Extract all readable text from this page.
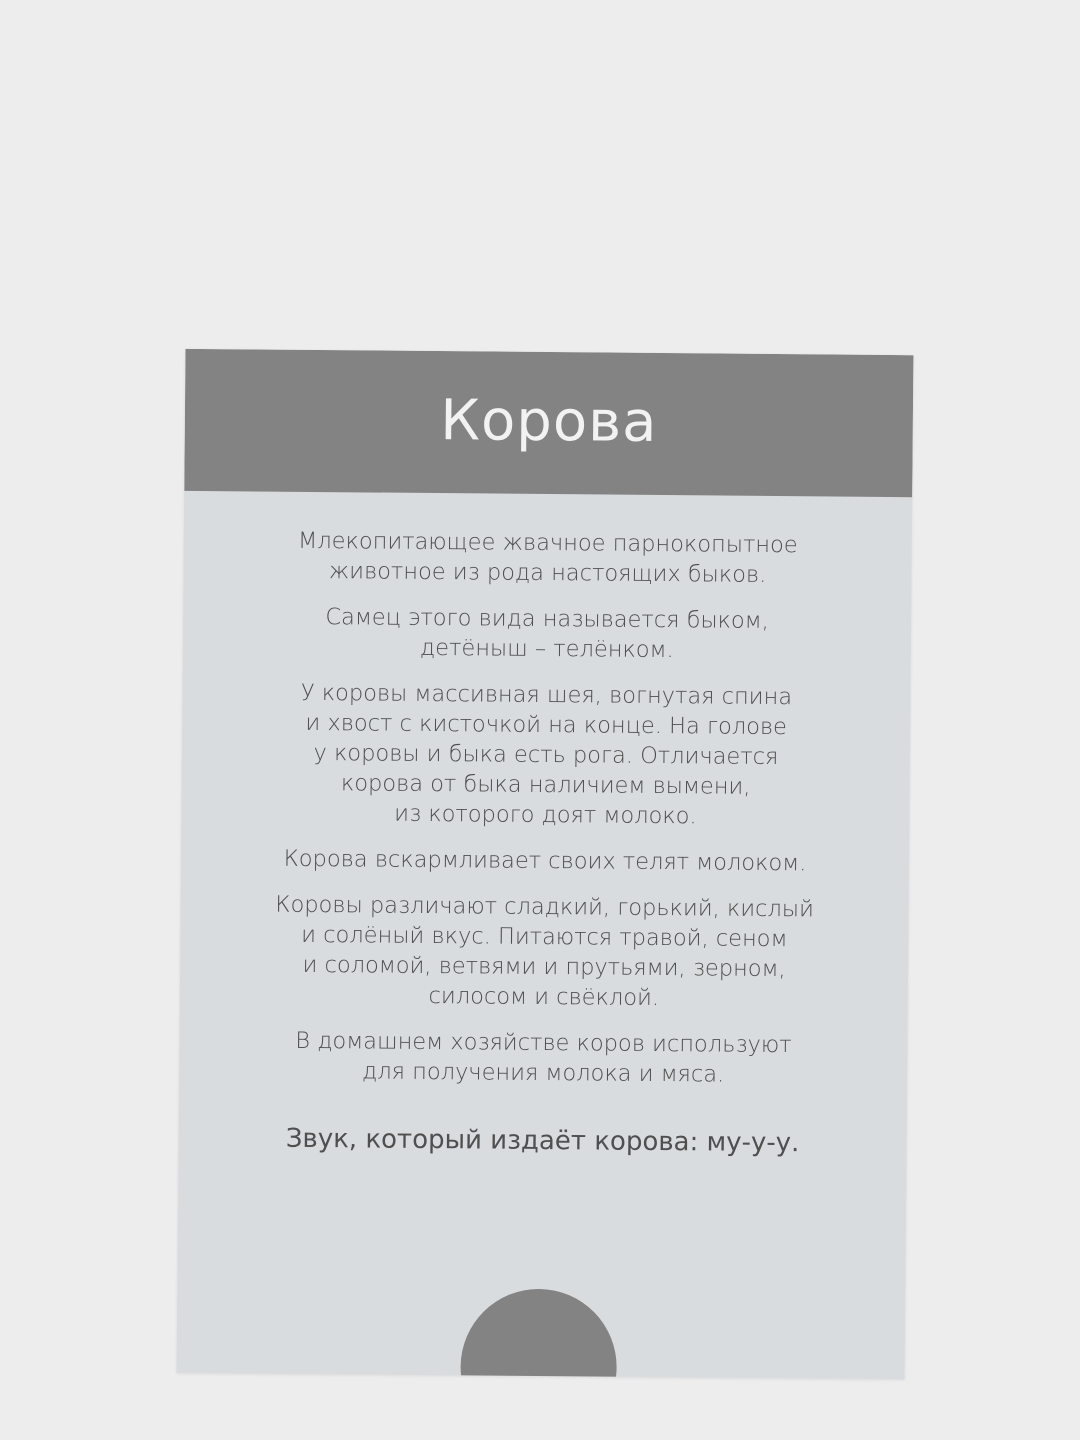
Корова
Млекопитающее жвачное парнокопытное
животное из рода настоящих быков.
Самец этого вида называется быком,
детёныш – телёнком.
У коровы массивная шея, вогнутая спина
и хвост с кисточкой на конце. На голове
у коровы и быка есть рога. Отличается
корова от быка наличием вымени,
из которого доят молоко.
Корова вскармливает своих телят молоком.
Коровы различают сладкий, горький, кислый
и солёный вкус. Питаются травой, сеном
и соломой, ветвями и прутьями, зерном,
силосом и свёклой.
В домашнем хозяйстве коров используют
для получения молока и мяса.
Звук, который издаёт корова: му-у-у.
